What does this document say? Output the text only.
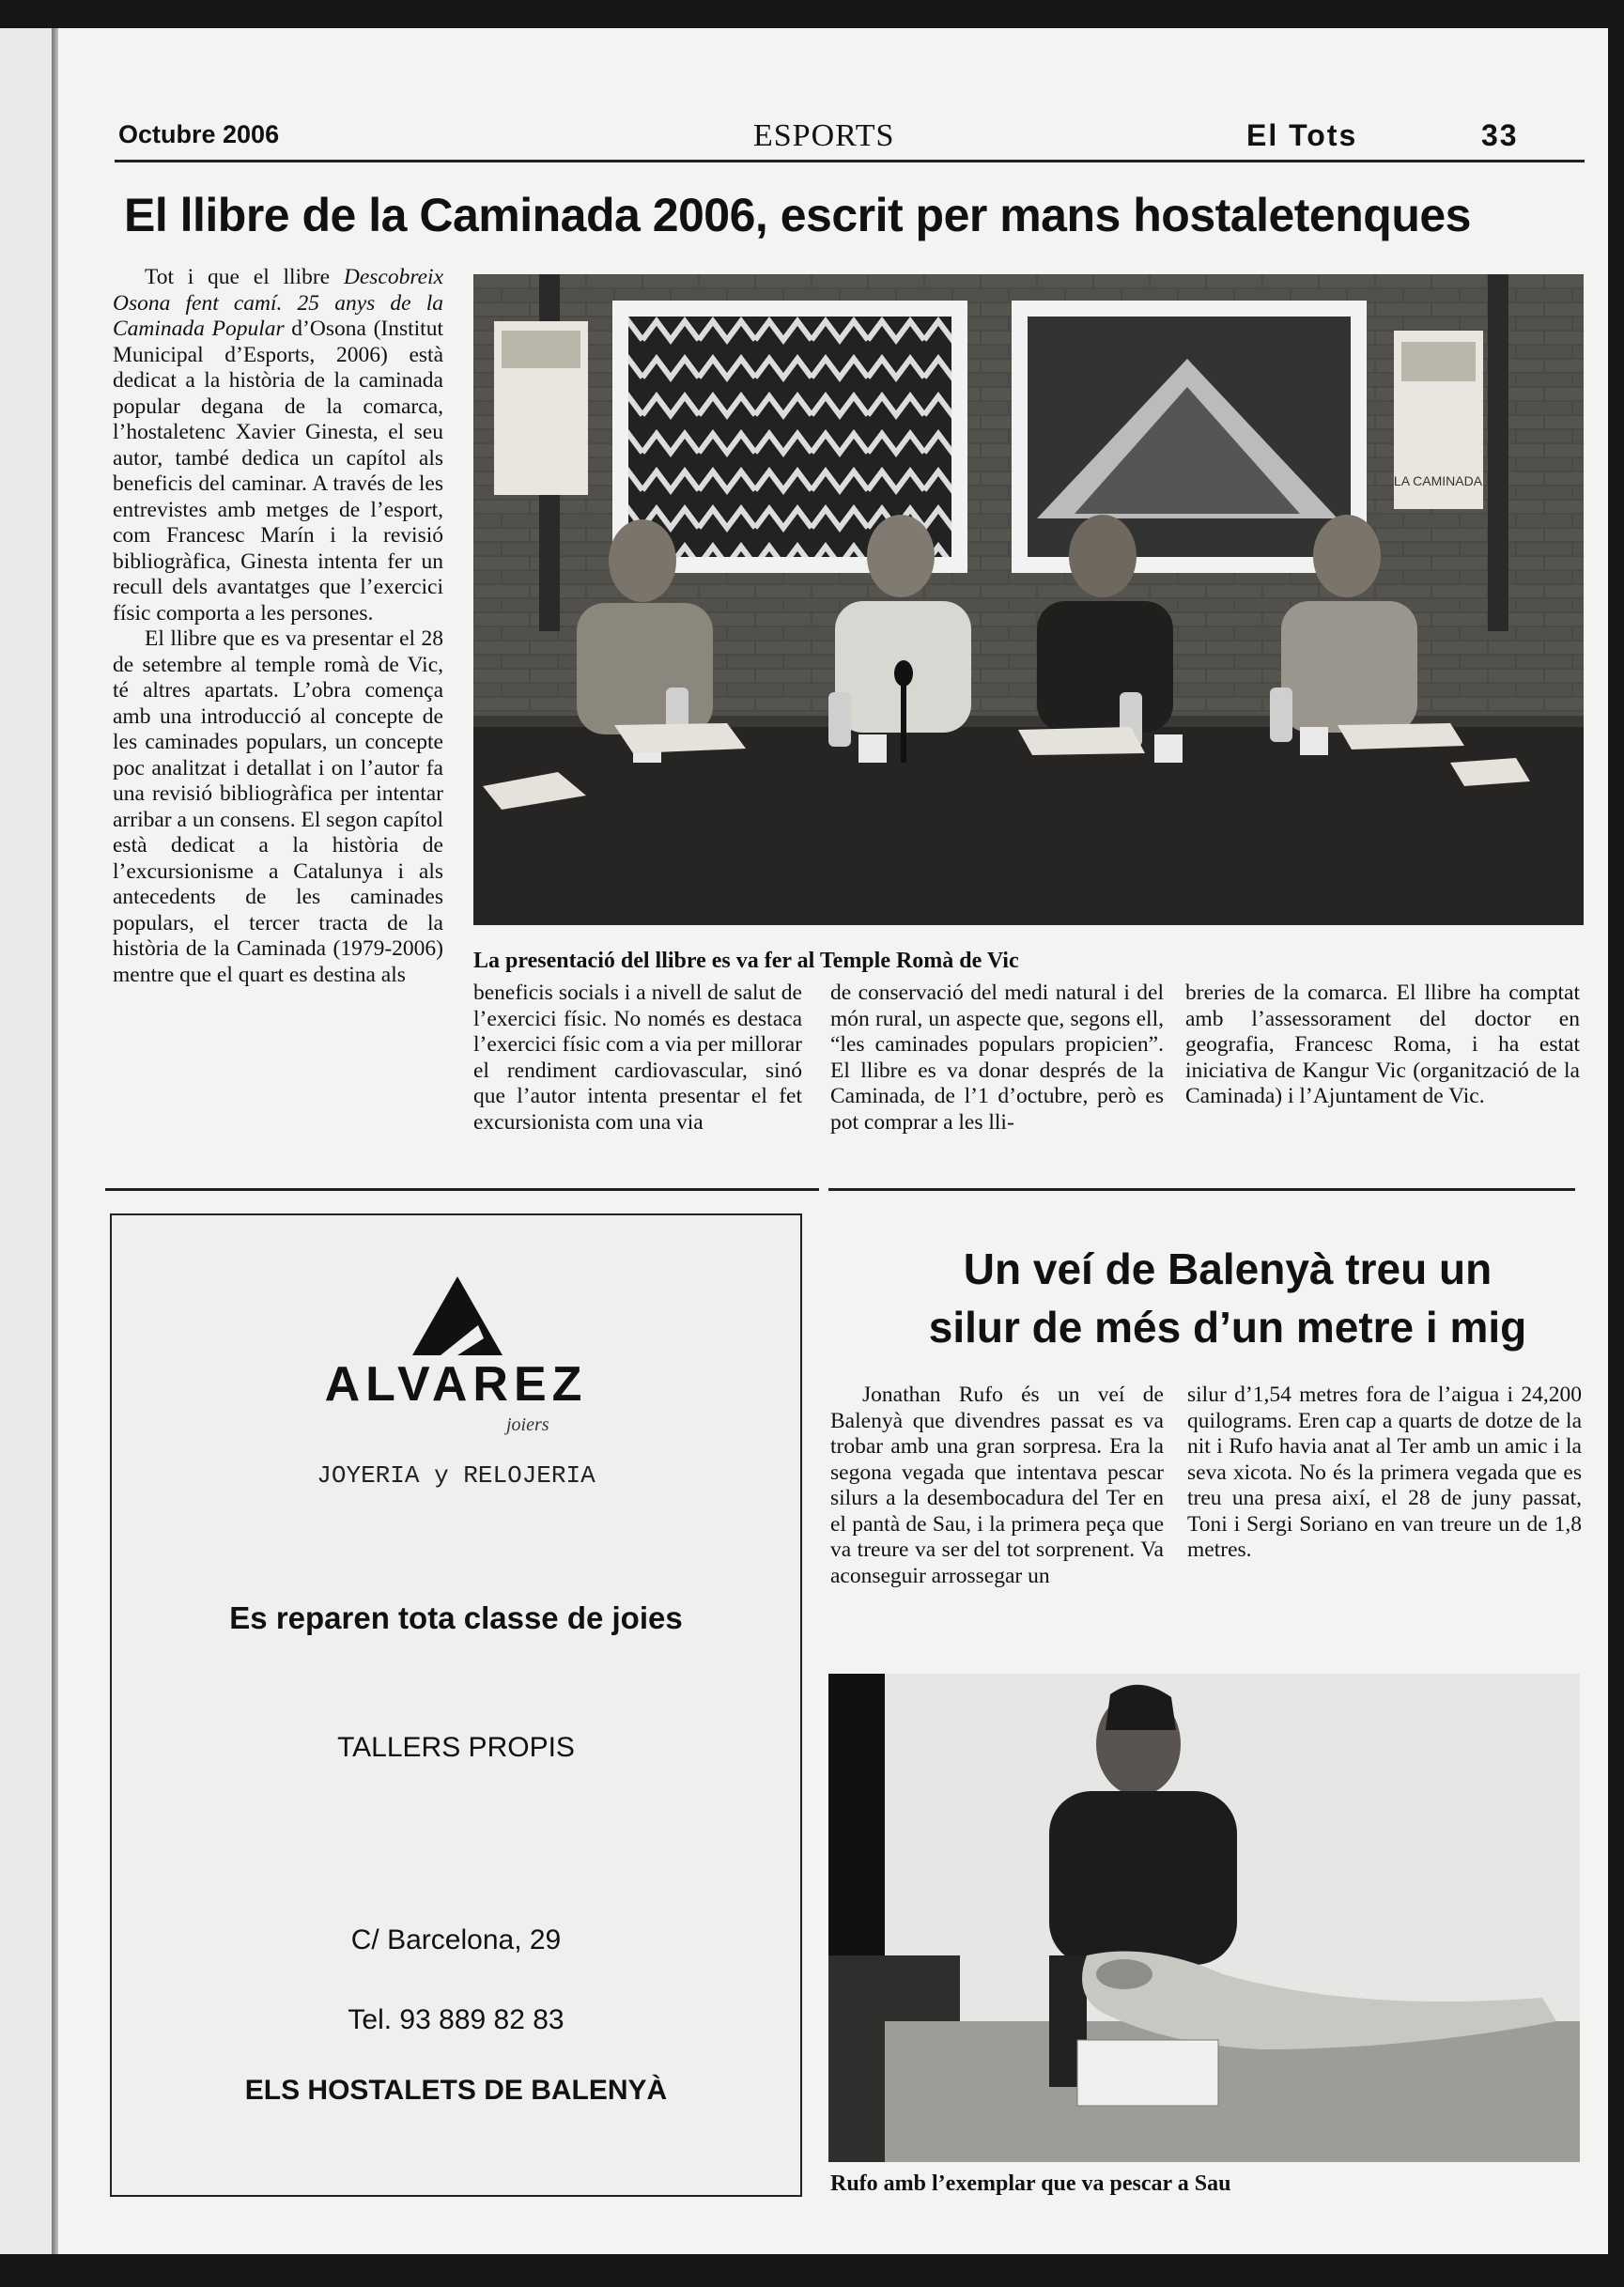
Octubre 2006	ESPORTS	El Tots	33
El llibre de la Caminada 2006, escrit per mans hostaletenques

Tot i que el llibre Descobreix Osona fent camí. 25 anys de la Caminada Popular d’Osona (Institut Municipal d’Esports, 2006) està dedicat a la història de la caminada popular degana de la comarca, l’hostaletenc Xavier Ginesta, el seu autor, també dedica un capítol als beneficis del caminar. A través de les entrevistes amb metges de l’esport, com Francesc Marín i la revisió bibliogràfica, Ginesta intenta fer un recull dels avantatges que l’exercici físic comporta a les persones.

El llibre que es va presentar el 28 de setembre al temple romà de Vic, té altres apartats. L’obra comença amb una introducció al concepte de les caminades populars, un concepte poc analitzat i detallat i on l’autor fa una revisió bibliogràfica per intentar arribar a un consens. El segon capítol està dedicat a la història de l’excursionisme a Catalunya i als antecedents de les caminades populars, el tercer tracta de la història de la Caminada (1979-2006) mentre que el quart es destina als

LA CAMINADA
La presentació del llibre es va fer al Temple Romà de Vic

beneficis socials i a nivell de salut de l’exercici físic. No només es destaca l’exercici físic com a via per millorar el rendiment cardiovascular, sinó que l’autor intenta presentar el fet excursionista com una via

de conservació del medi natural i del món rural, un aspecte que, segons ell, “les caminades populars propicien”. El llibre es va donar després de la Caminada, de l’1 d’octubre, però es pot comprar a les lli-

breries de la comarca. El llibre ha comptat amb l’assessorament del doctor en geografia, Francesc Roma, i ha estat iniciativa de Kangur Vic (organització de la Caminada) i l’Ajuntament de Vic.

ALVAREZ
joiers
JOYERIA y RELOJERIA
Es reparen tota classe de joies
TALLERS PROPIS
C/ Barcelona, 29
Tel. 93 889 82 83
ELS HOSTALETS DE BALENYÀ
Un veí de Balenyà treu un
silur de més d’un metre i mig

Jonathan Rufo és un veí de Balenyà que divendres passat es va trobar amb una gran sorpresa. Era la segona vegada que intentava pescar silurs a la desembocadura del Ter en el pantà de Sau, i la primera peça que va treure va ser del tot sorprenent. Va aconseguir arrossegar un

silur d’1,54 metres fora de l’aigua i 24,200 quilograms. Eren cap a quarts de dotze de la nit i Rufo havia anat al Ter amb un amic i la seva xicota. No és la primera vegada que es treu una presa així, el 28 de juny passat, Toni i Sergi Soriano en van treure un de 1,8 metres.

Rufo amb l’exemplar que va pescar a Sau
